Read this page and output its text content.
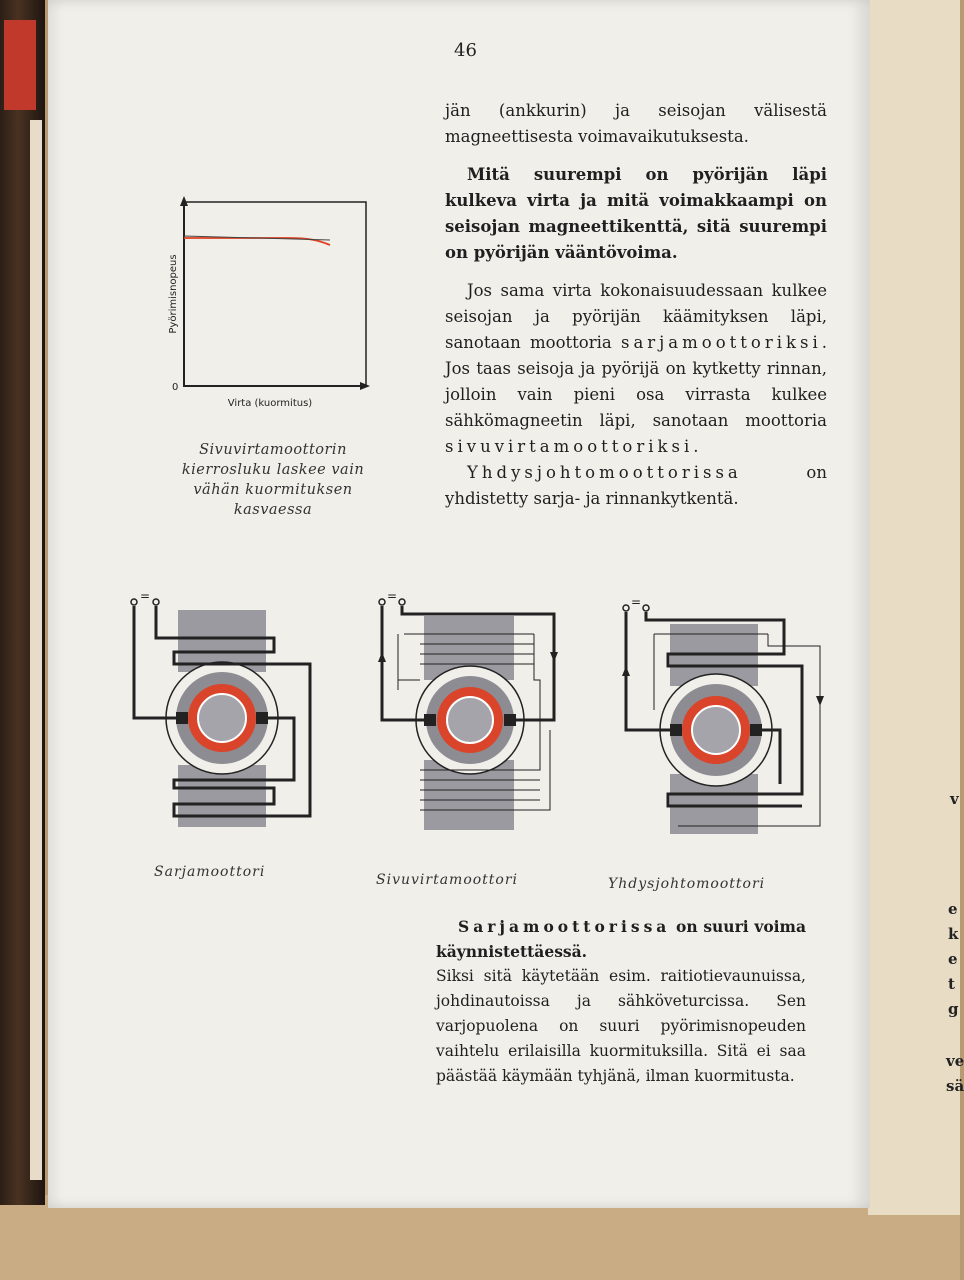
v
e
k
e
t
g
ve
sä
46

jän (ankkurin) ja seisojan välisestä magneettisesta voimavaikutuksesta.

Mitä suurempi on pyörijän läpi kulkeva virta ja mitä voimakkaampi on seisojan magneettikenttä, sitä suurempi on pyörijän vääntövoima.

Jos sama virta kokonaisuudessaan kulkee seisojan ja pyörijän käämityksen läpi, sanotaan moottoria sarjamoottoriksi. Jos taas seisoja ja pyörijä on kytketty rinnan, jolloin vain pieni osa virrasta kulkee sähkömagneetin läpi, sanotaan moottoria sivuvirtamoottoriksi.

Yhdysjohtomoottorissa on yhdistetty sarja- ja rinnankytkentä.

Pyörimisnopeus
0
Virta (kuormitus)
Sivuvirtamoottorin kierrosluku laskee vain vähän kuormituksen kasvaessa
=
Sarjamoottori
=
Sivuvirtamoottori
=
Yhdysjohtomoottori

Sarjamoottorissa on suuri voima käynnistettäessä.

Siksi sitä käytetään esim. raitiotievaunuissa, johdinautoissa ja sähköveturcissa. Sen varjopuolena on suuri pyörimisnopeuden vaihtelu erilaisilla kuormituksilla. Sitä ei saa päästää käymään tyhjänä, ilman kuormitusta.
